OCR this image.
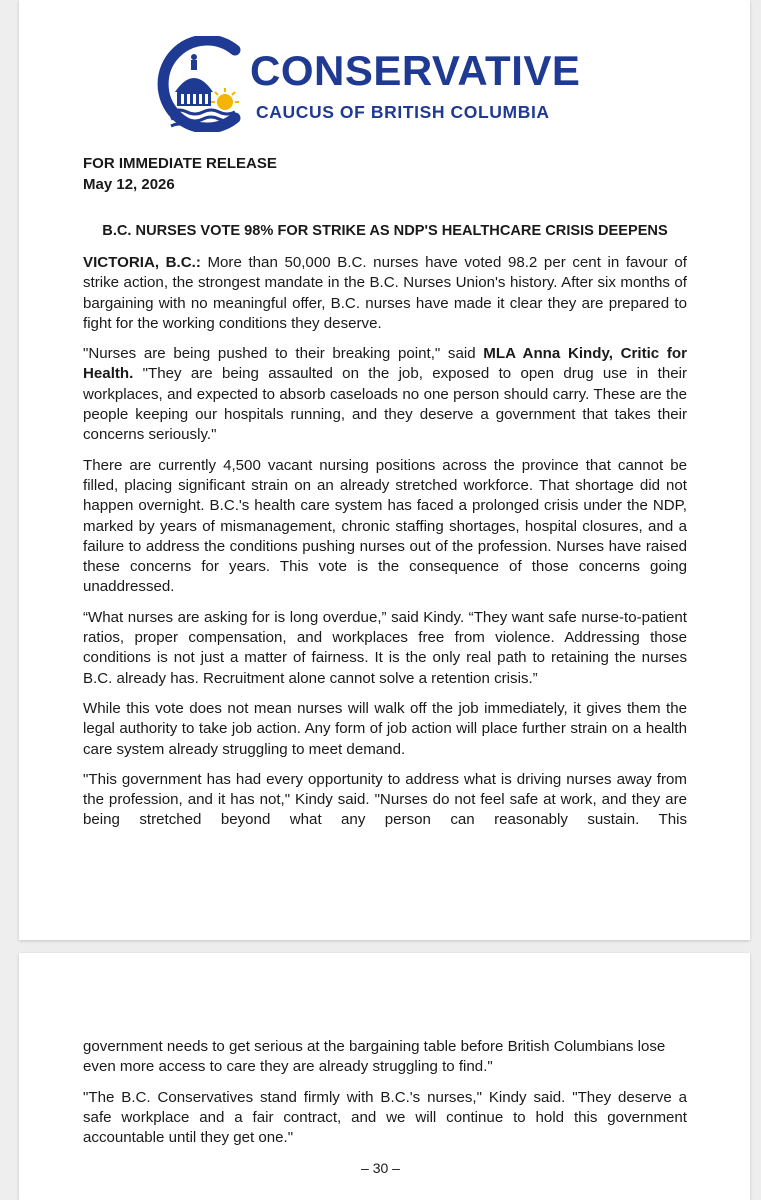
CONSERVATIVE
CAUCUS OF BRITISH COLUMBIA
FOR IMMEDIATE RELEASE
May 12, 2026
B.C. NURSES VOTE 98% FOR STRIKE AS NDP'S HEALTHCARE CRISIS DEEPENS

VICTORIA, B.C.: More than 50,000 B.C. nurses have voted 98.2 per cent in favour of strike action, the strongest mandate in the B.C. Nurses Union's history. After six months of bargaining with no meaningful offer, B.C. nurses have made it clear they are prepared to fight for the working conditions they deserve.

"Nurses are being pushed to their breaking point," said MLA Anna Kindy, Critic for Health. "They are being assaulted on the job, exposed to open drug use in their workplaces, and expected to absorb caseloads no one person should carry. These are the people keeping our hospitals running, and they deserve a government that takes their concerns seriously."

There are currently 4,500 vacant nursing positions across the province that cannot be filled, placing significant strain on an already stretched workforce. That shortage did not happen overnight. B.C.'s health care system has faced a prolonged crisis under the NDP, marked by years of mismanagement, chronic staffing shortages, hospital closures, and a failure to address the conditions pushing nurses out of the profession. Nurses have raised these concerns for years. This vote is the consequence of those concerns going unaddressed.

“What nurses are asking for is long overdue,” said Kindy. “They want safe nurse-to-patient ratios, proper compensation, and workplaces free from violence. Addressing those conditions is not just a matter of fairness. It is the only real path to retaining the nurses B.C. already has. Recruitment alone cannot solve a retention crisis.”

While this vote does not mean nurses will walk off the job immediately, it gives them the legal authority to take job action. Any form of job action will place further strain on a health care system already struggling to meet demand.

"This government has had every opportunity to address what is driving nurses away from the profession, and it has not," Kindy said. "Nurses do not feel safe at work, and they are being stretched beyond what any person can reasonably sustain. This

government needs to get serious at the bargaining table before British Columbians lose even more access to care they are already struggling to find."

"The B.C. Conservatives stand firmly with B.C.'s nurses," Kindy said. "They deserve a safe workplace and a fair contract, and we will continue to hold this government accountable until they get one."

– 30 –
